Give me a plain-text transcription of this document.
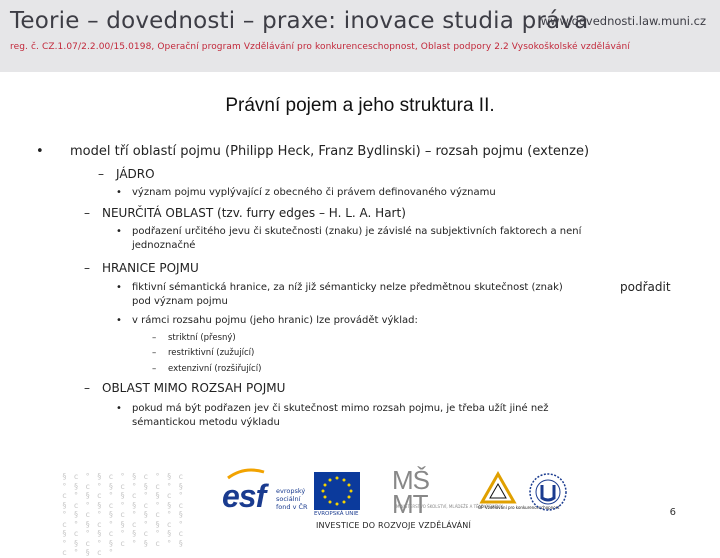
Teorie – dovednosti – praxe: inovace studia práva
www.dovednosti.law.muni.cz
reg. č. CZ.1.07/2.2.00/15.0198, Operační program Vzdělávání pro konkurenceschopnost, Oblast podpory 2.2 Vysokoškolské vzdělávání
Právní pojem a jeho struktura II.
• model tří oblastí pojmu (Philipp Heck, Franz Bydlinski) – rozsah pojmu (extenze)
– JÁDRO
• význam pojmu vyplývající z obecného či právem definovaného významu
– NEURČITÁ OBLAST (tzv. furry edges – H. L. A. Hart)
• podřazení určitého jevu či skutečnosti (znaku) je závislé na subjektivních faktorech a není
jednoznačné
– HRANICE POJMU
• fiktivní sémantická hranice, za níž již sémanticky nelze předmětnou skutečnost (znak)	podřadit
pod význam pojmu
• v rámci rozsahu pojmu (jeho hranic) lze provádět výklad:
– striktní (přesný)
– restriktivní (zužující)
– extenzivní (rozšiřující)
– OBLAST MIMO ROZSAH POJMU
• pokud má být podřazen jev či skutečnost mimo rozsah pojmu, je třeba užít jiné než
sémantickou metodu výkladu
§ c ° § c ° § c ° § c ° § c ° § c ° § c ° § c ° § c ° § c ° § c ° § c ° § c ° § c ° § c ° § c ° § c ° § c ° § c ° § c ° § c ° § c ° § c ° § c ° § c ° § c ° § c ° § c ° § c ° § c ° § c °
esf evropský
sociální
fond v ČR
EVROPSKÁ UNIE
MŠ
MT
MINISTERSTVO ŠKOLSTVÍ, MLÁDEŽE A TĚLOVÝCHOVY
OP Vzdělávání pro konkurenceschopnost
INVESTICE DO ROZVOJE VZDĚLÁVÁNÍ
6
